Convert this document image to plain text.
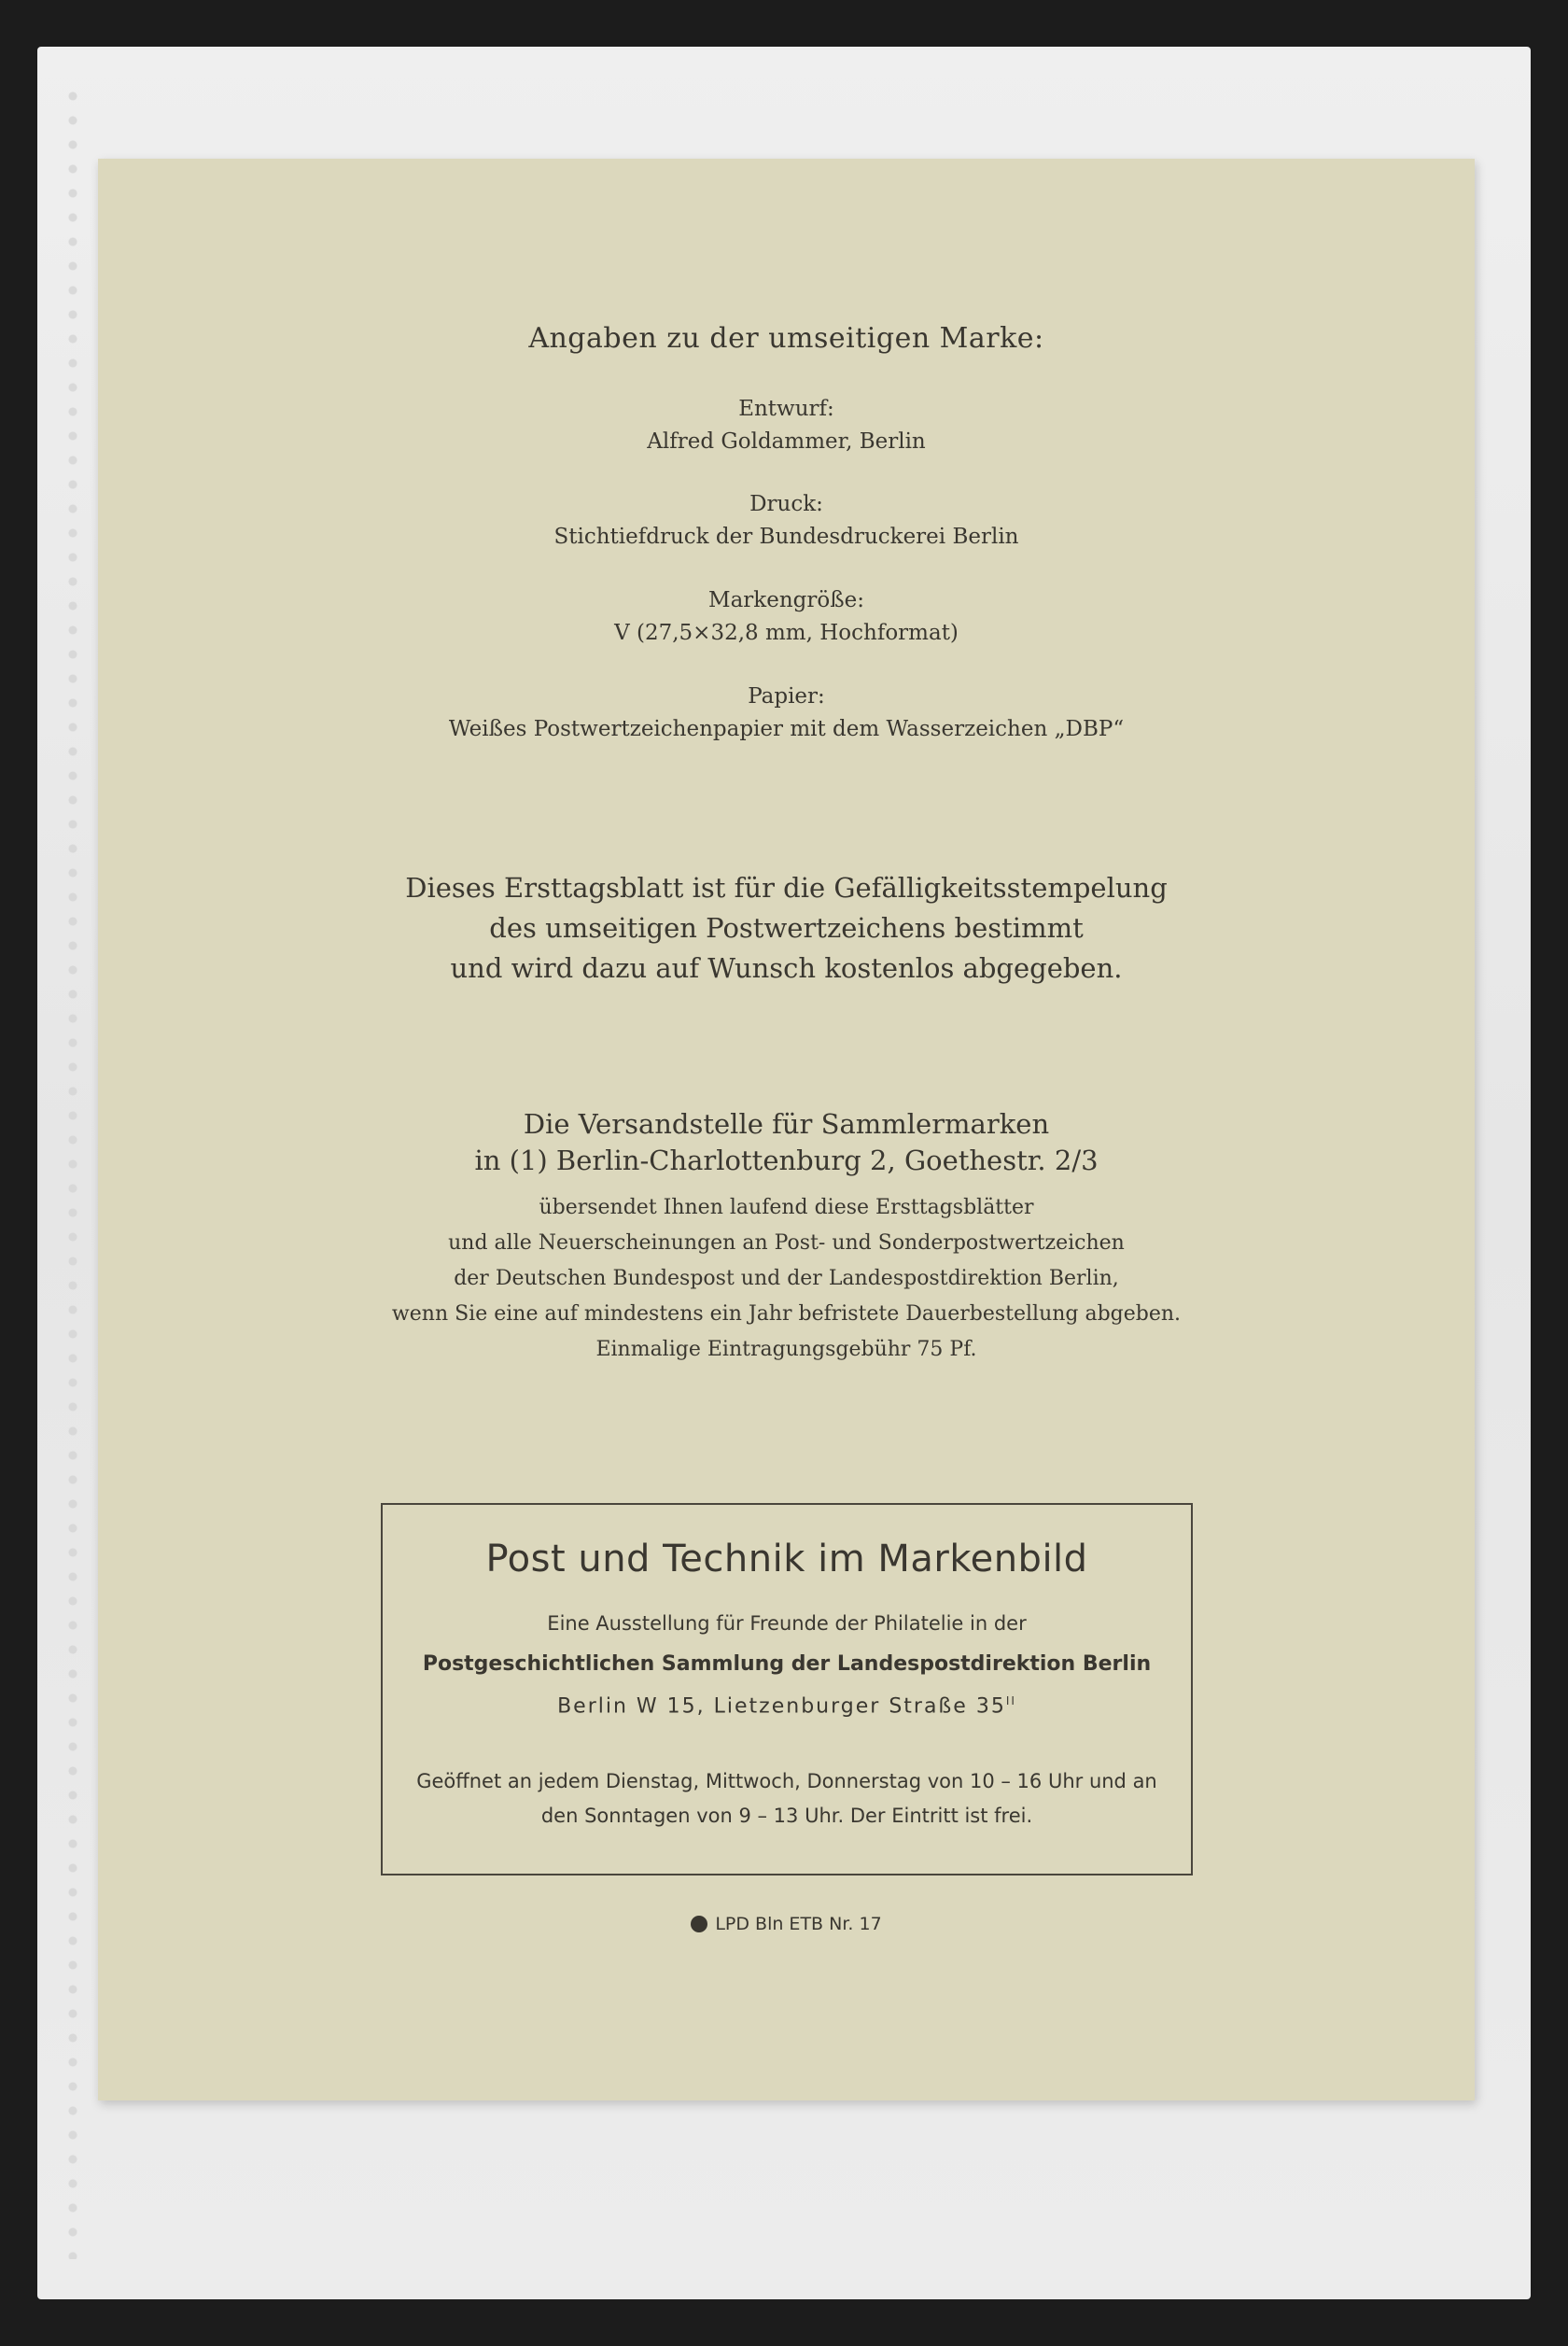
Angaben zu der umseitigen Marke:
Entwurf:
Alfred Goldammer, Berlin
Druck:
Stichtiefdruck der Bundesdruckerei Berlin
Markengröße:
V (27,5×32,8 mm, Hochformat)
Papier:
Weißes Postwertzeichenpapier mit dem Wasserzeichen „DBP“
Dieses Ersttagsblatt ist für die Gefälligkeitsstempelung
des umseitigen Postwertzeichens bestimmt
und wird dazu auf Wunsch kostenlos abgegeben.
Die Versandstelle für Sammlermarken
in (1) Berlin-Charlottenburg 2, Goethestr. 2/3
übersendet Ihnen laufend diese Ersttagsblätter
und alle Neuerscheinungen an Post- und Sonderpostwertzeichen
der Deutschen Bundespost und der Landespostdirektion Berlin,
wenn Sie eine auf mindestens ein Jahr befristete Dauerbestellung abgeben.
Einmalige Eintragungsgebühr 75 Pf.
Post und Technik im Markenbild
Eine Ausstellung für Freunde der Philatelie in der
Postgeschichtlichen Sammlung der Landespostdirektion Berlin
Berlin W 15, Lietzenburger Straße $35^{II}$
Geöffnet an jedem Dienstag, Mittwoch, Donnerstag von 10 – 16 Uhr und an
den Sonntagen von 9 – 13 Uhr. Der Eintritt ist frei.
LPD Bln ETB Nr. 17
